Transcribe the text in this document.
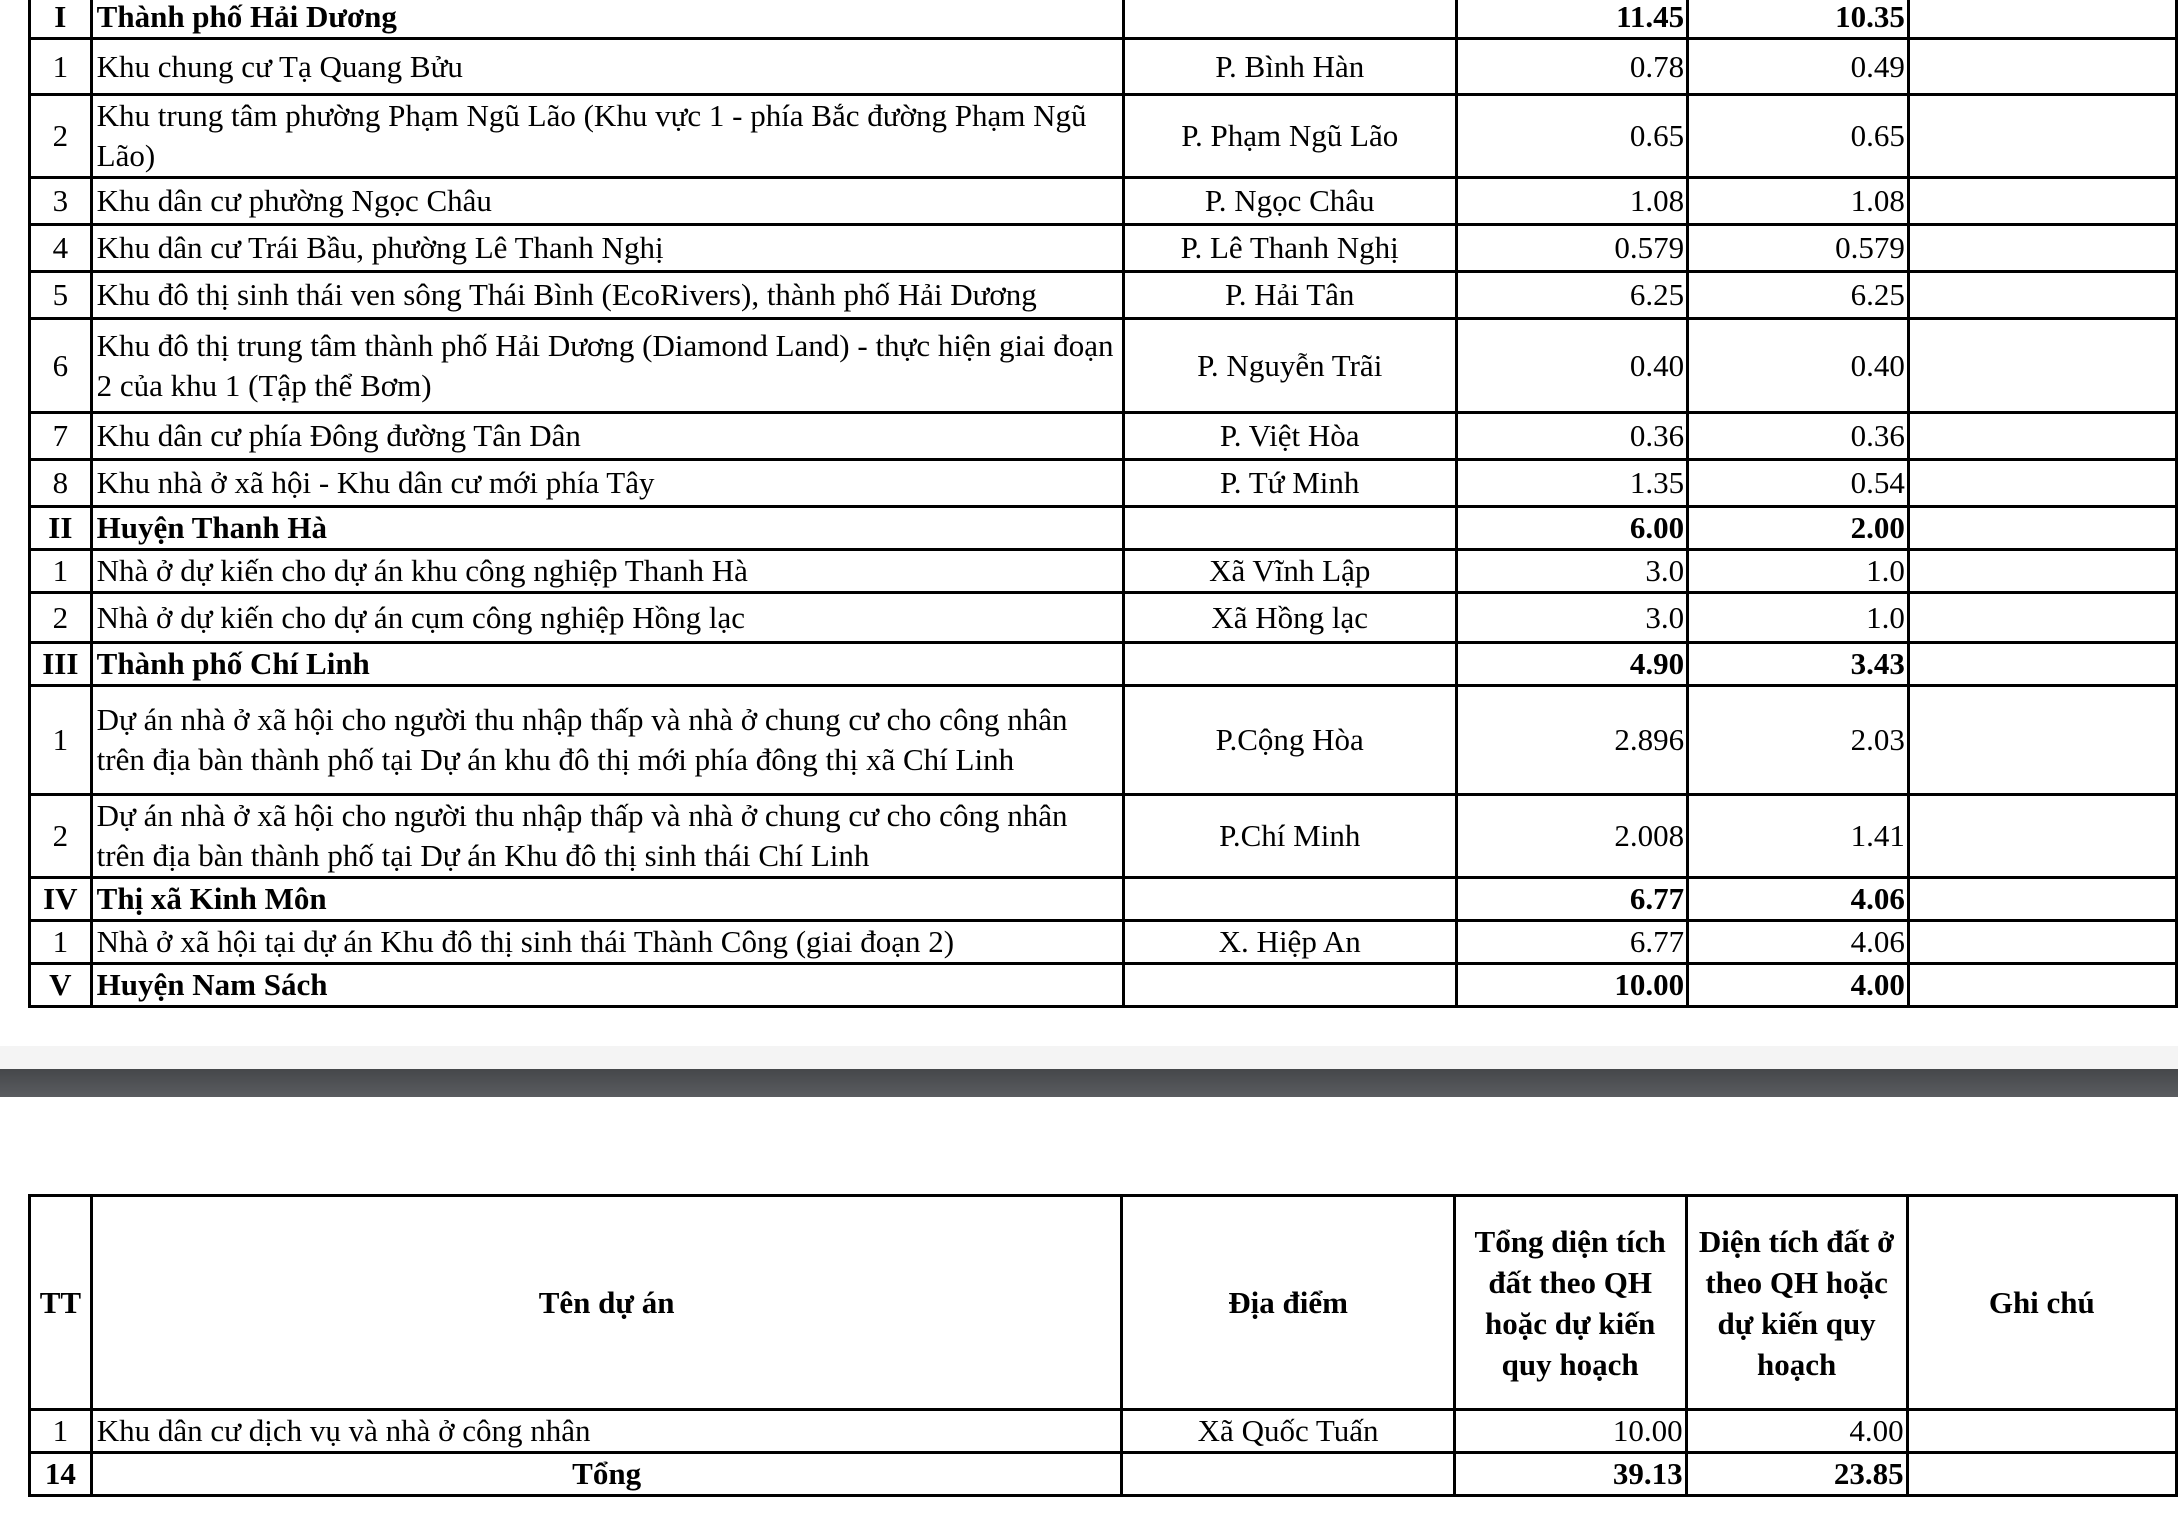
I	Thành phố Hải Dương		11.45	10.35	
1	Khu chung cư Tạ Quang Bửu	P. Bình Hàn	0.78	0.49	
2	Khu trung tâm phường Phạm Ngũ Lão (Khu vực 1 - phía Bắc đường Phạm Ngũ Lão)	P. Phạm Ngũ Lão	0.65	0.65	
3	Khu dân cư phường Ngọc Châu	P. Ngọc Châu	1.08	1.08	
4	Khu dân cư Trái Bầu, phường Lê Thanh Nghị	P. Lê Thanh Nghị	0.579	0.579	
5	Khu đô thị sinh thái ven sông Thái Bình (EcoRivers), thành phố Hải Dương	P. Hải Tân	6.25	6.25	
6	Khu đô thị trung tâm thành phố Hải Dương (Diamond Land) - thực hiện giai đoạn 2 của khu 1 (Tập thể Bơm)	P. Nguyễn Trãi	0.40	0.40	
7	Khu dân cư phía Đông đường Tân Dân	P. Việt Hòa	0.36	0.36	
8	Khu nhà ở xã hội - Khu dân cư mới phía Tây	P. Tứ Minh	1.35	0.54	
II	Huyện Thanh Hà		6.00	2.00	
1	Nhà ở dự kiến cho dự án khu công nghiệp Thanh Hà	Xã Vĩnh Lập	3.0	1.0	
2	Nhà ở dự kiến cho dự án cụm công nghiệp Hồng lạc	Xã Hồng lạc	3.0	1.0	
III	Thành phố Chí Linh		4.90	3.43	
1	Dự án nhà ở xã hội cho người thu nhập thấp và nhà ở chung cư cho công nhân trên địa bàn thành phố tại Dự án khu đô thị mới phía đông thị xã Chí Linh	P.Cộng Hòa	2.896	2.03	
2	Dự án nhà ở xã hội cho người thu nhập thấp và nhà ở chung cư cho công nhân trên địa bàn thành phố tại Dự án Khu đô thị sinh thái Chí Linh	P.Chí Minh	2.008	1.41	
IV	Thị xã Kinh Môn		6.77	4.06	
1	Nhà ở xã hội tại dự án Khu đô thị sinh thái Thành Công (giai đoạn 2)	X. Hiệp An	6.77	4.06	
V	Huyện Nam Sách		10.00	4.00	
TT	Tên dự án	Địa điểm	Tổng diện tích đất theo QH hoặc dự kiến quy hoạch	Diện tích đất ở theo QH hoặc dự kiến quy hoạch	Ghi chú
1	Khu dân cư dịch vụ và nhà ở công nhân	Xã Quốc Tuấn	10.00	4.00	
14	Tổng		39.13	23.85	
